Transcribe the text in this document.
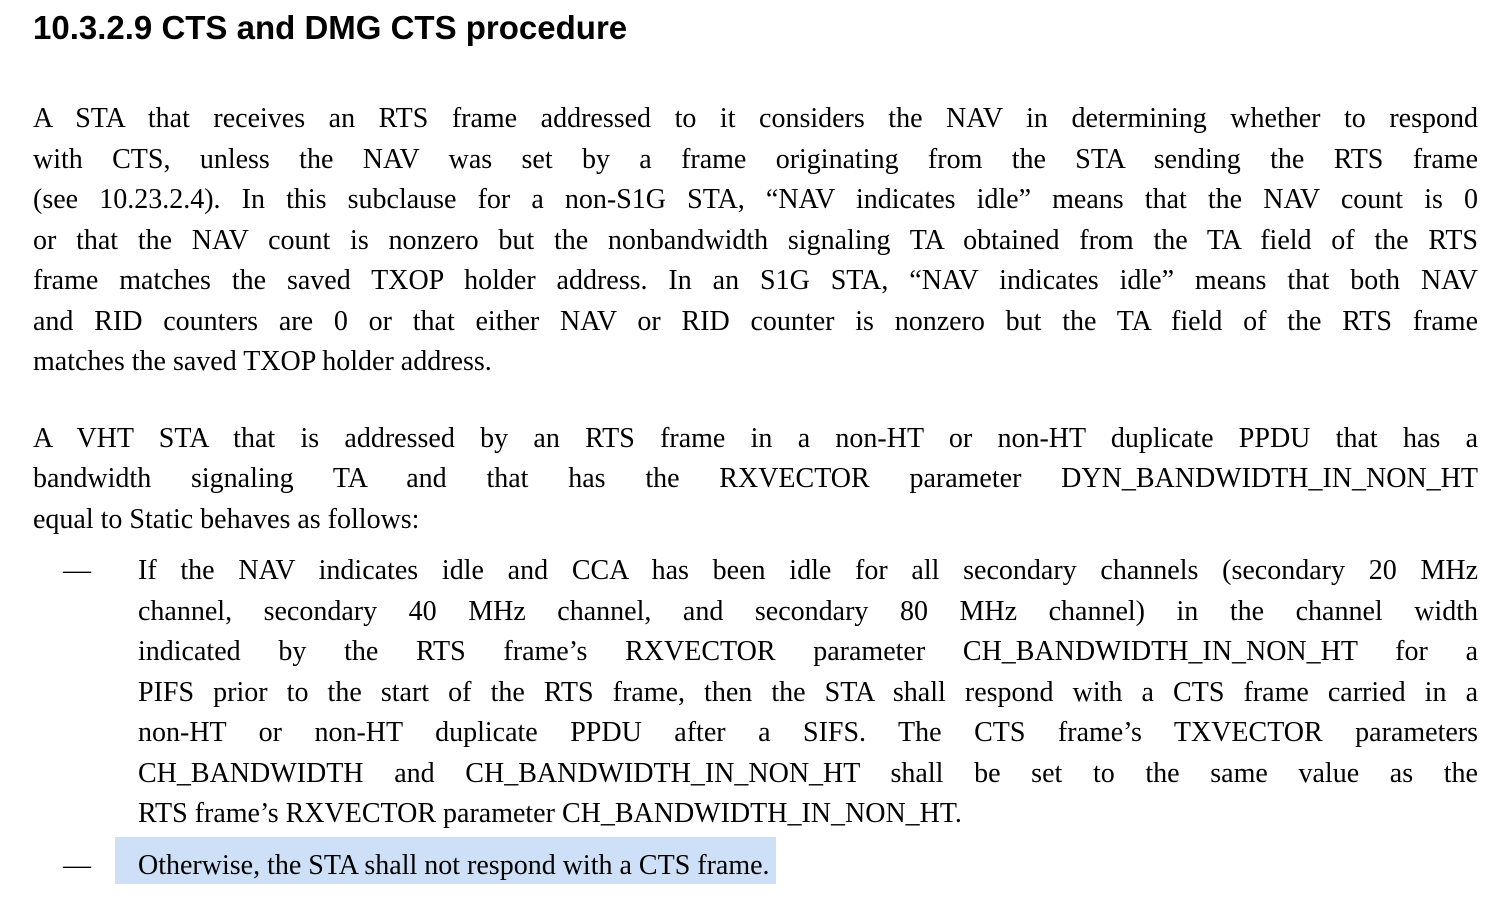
10.3.2.9 CTS and DMG CTS procedure
A STA that receives an RTS frame addressed to it considers the NAV in determining whether to respond
with CTS, unless the NAV was set by a frame originating from the STA sending the RTS frame
(see 10.23.2.4). In this subclause for a non-S1G STA, “NAV indicates idle” means that the NAV count is 0
or that the NAV count is nonzero but the nonbandwidth signaling TA obtained from the TA field of the RTS
frame matches the saved TXOP holder address. In an S1G STA, “NAV indicates idle” means that both NAV
and RID counters are 0 or that either NAV or RID counter is nonzero but the TA field of the RTS frame
matches the saved TXOP holder address.
A VHT STA that is addressed by an RTS frame in a non-HT or non-HT duplicate PPDU that has a
bandwidth signaling TA and that has the RXVECTOR parameter DYN_BANDWIDTH_IN_NON_HT
equal to Static behaves as follows:
— If the NAV indicates idle and CCA has been idle for all secondary channels (secondary 20 MHz
channel, secondary 40 MHz channel, and secondary 80 MHz channel) in the channel width
indicated by the RTS frame’s RXVECTOR parameter CH_BANDWIDTH_IN_NON_HT for a
PIFS prior to the start of the RTS frame, then the STA shall respond with a CTS frame carried in a
non-HT or non-HT duplicate PPDU after a SIFS. The CTS frame’s TXVECTOR parameters
CH_BANDWIDTH and CH_BANDWIDTH_IN_NON_HT shall be set to the same value as the
RTS frame’s RXVECTOR parameter CH_BANDWIDTH_IN_NON_HT.
— Otherwise, the STA shall not respond with a CTS frame.
